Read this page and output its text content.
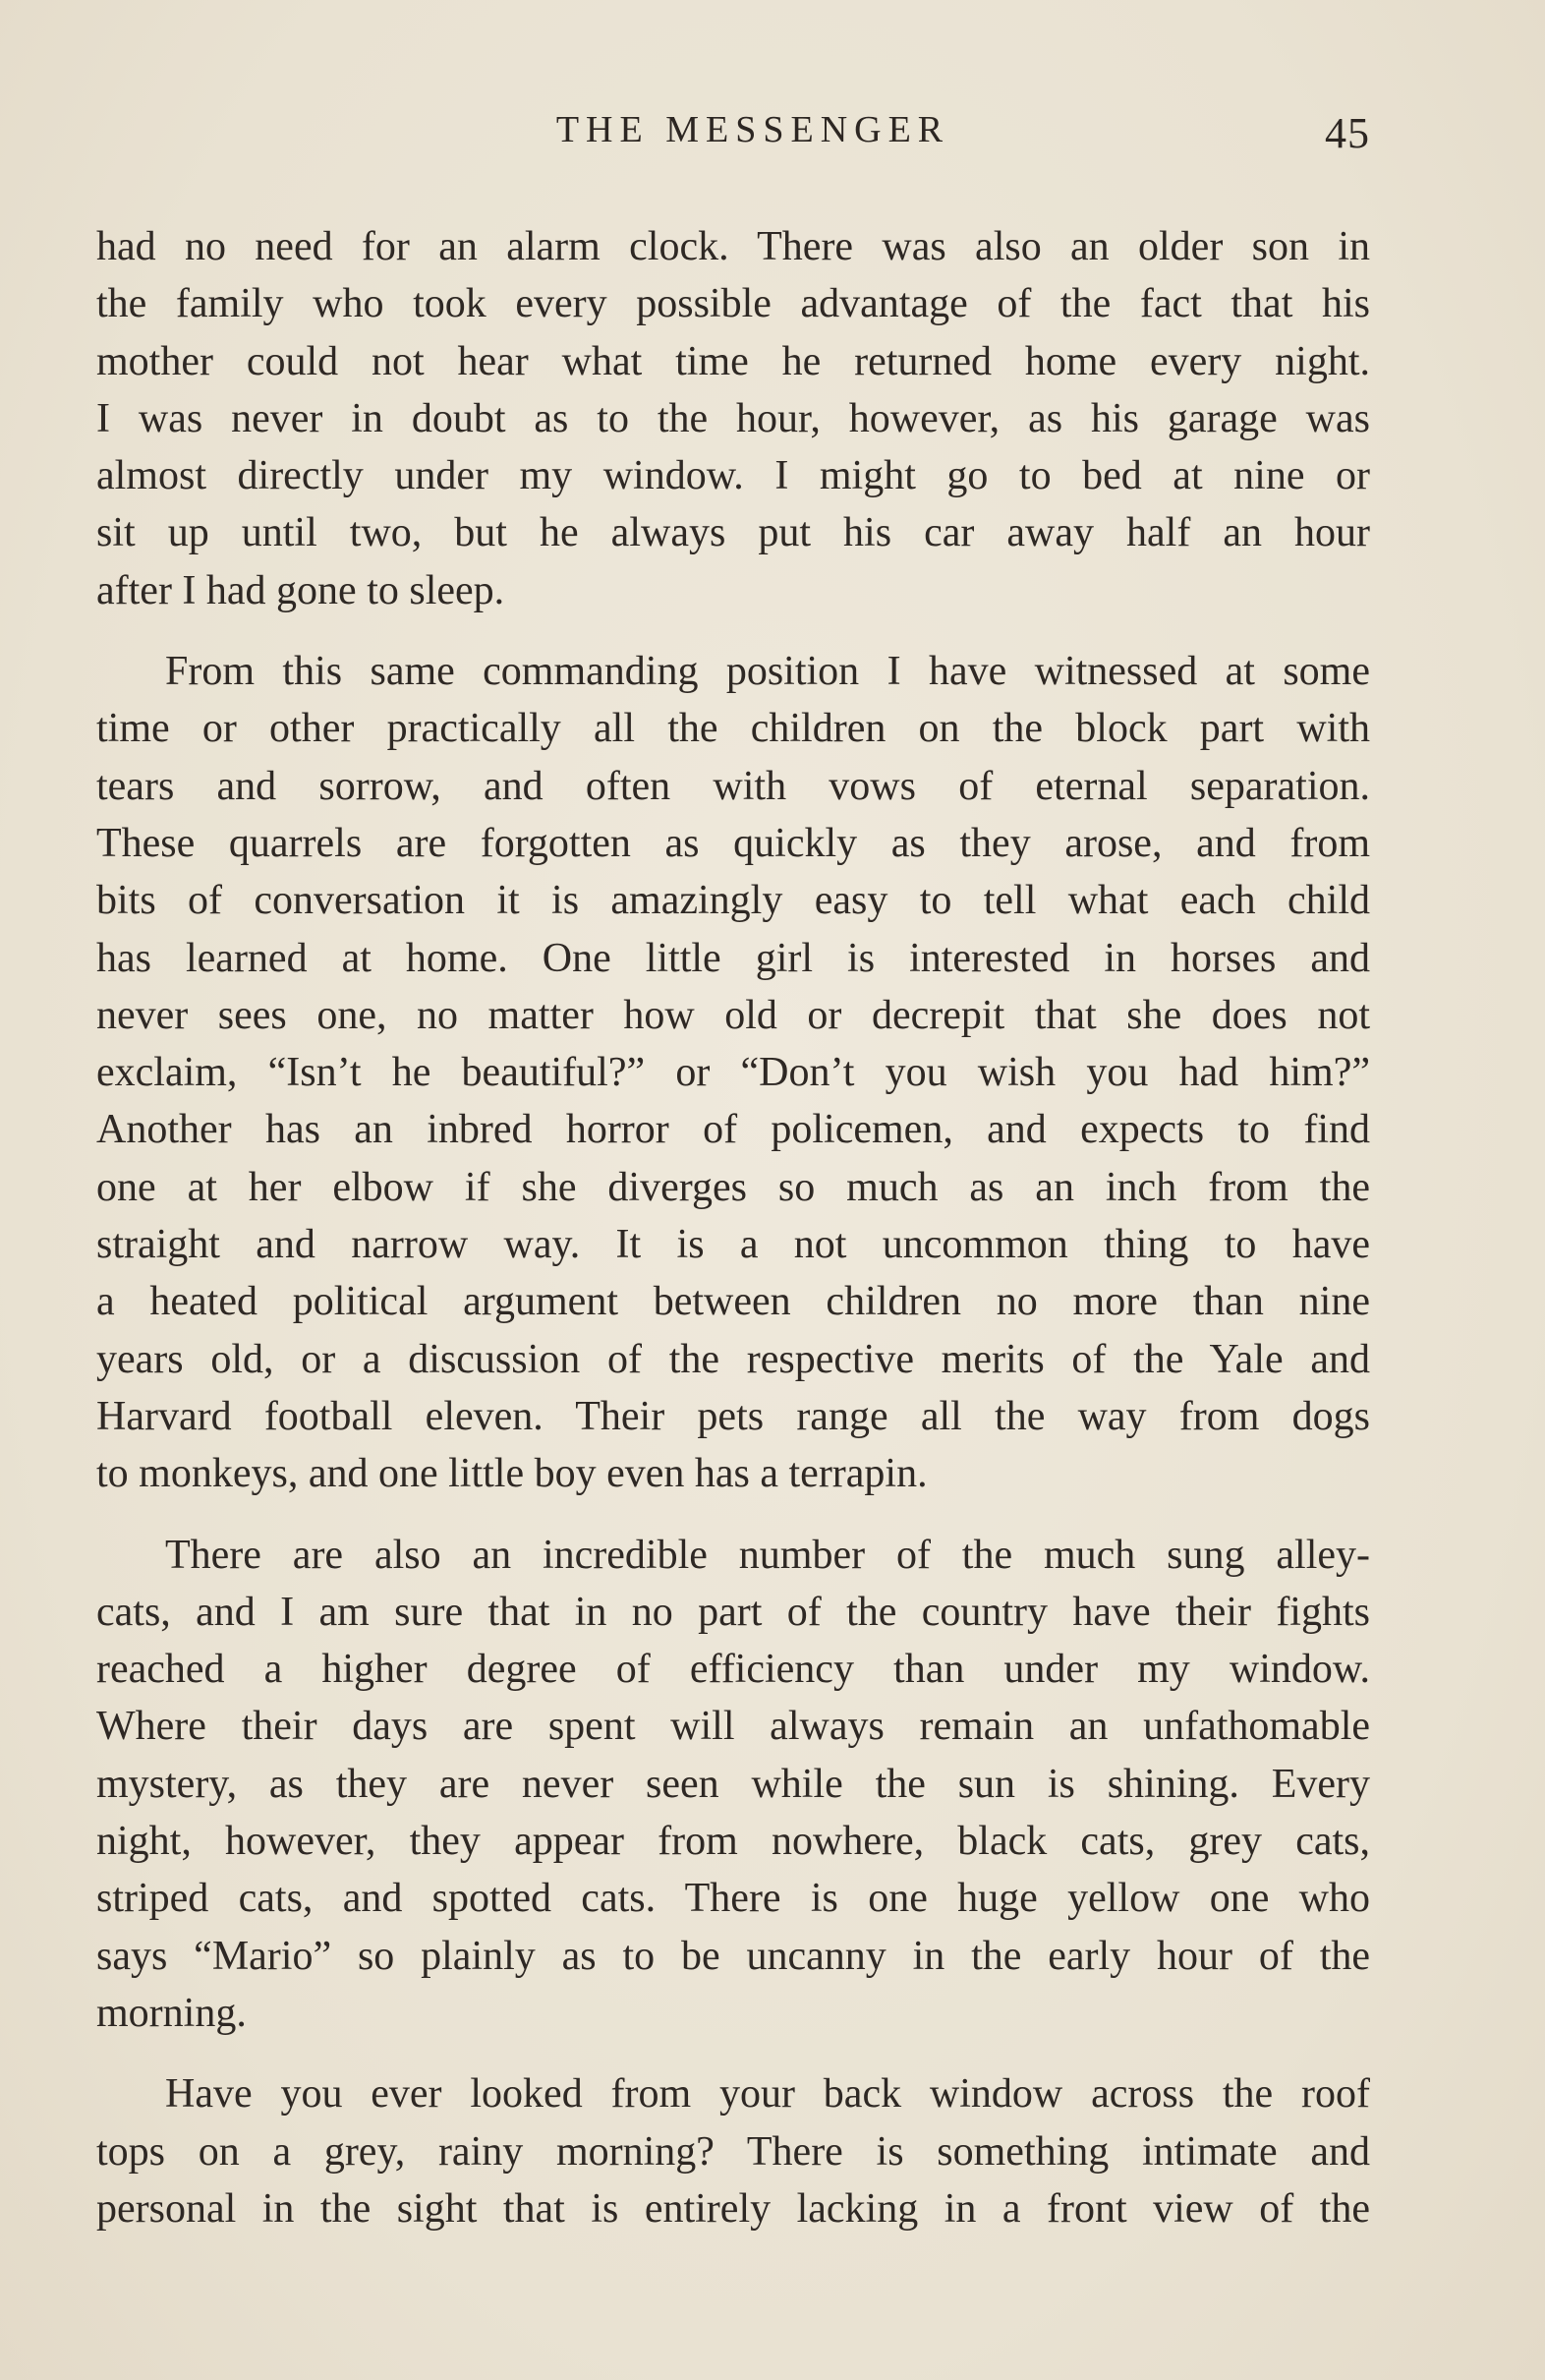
THE MESSENGER	45
had no need for an alarm clock. There was also an older son in
the family who took every possible advantage of the fact that his
mother could not hear what time he returned home every night.
I was never in doubt as to the hour, however, as his garage was
almost directly under my window. I might go to bed at nine or
sit up until two, but he always put his car away half an hour
after I had gone to sleep.
From this same commanding position I have witnessed at some
time or other practically all the children on the block part with
tears and sorrow, and often with vows of eternal separation.
These quarrels are forgotten as quickly as they arose, and from
bits of conversation it is amazingly easy to tell what each child
has learned at home. One little girl is interested in horses and
never sees one, no matter how old or decrepit that she does not
exclaim, “Isn’t he beautiful?” or “Don’t you wish you had him?”
Another has an inbred horror of policemen, and expects to find
one at her elbow if she diverges so much as an inch from the
straight and narrow way. It is a not uncommon thing to have
a heated political argument between children no more than nine
years old, or a discussion of the respective merits of the Yale and
Harvard football eleven. Their pets range all the way from dogs
to monkeys, and one little boy even has a terrapin.
There are also an incredible number of the much sung alley-
cats, and I am sure that in no part of the country have their fights
reached a higher degree of efficiency than under my window.
Where their days are spent will always remain an unfathomable
mystery, as they are never seen while the sun is shining. Every
night, however, they appear from nowhere, black cats, grey cats,
striped cats, and spotted cats. There is one huge yellow one who
says “Mario” so plainly as to be uncanny in the early hour of the
morning.
Have you ever looked from your back window across the roof
tops on a grey, rainy morning? There is something intimate and
personal in the sight that is entirely lacking in a front view of the
